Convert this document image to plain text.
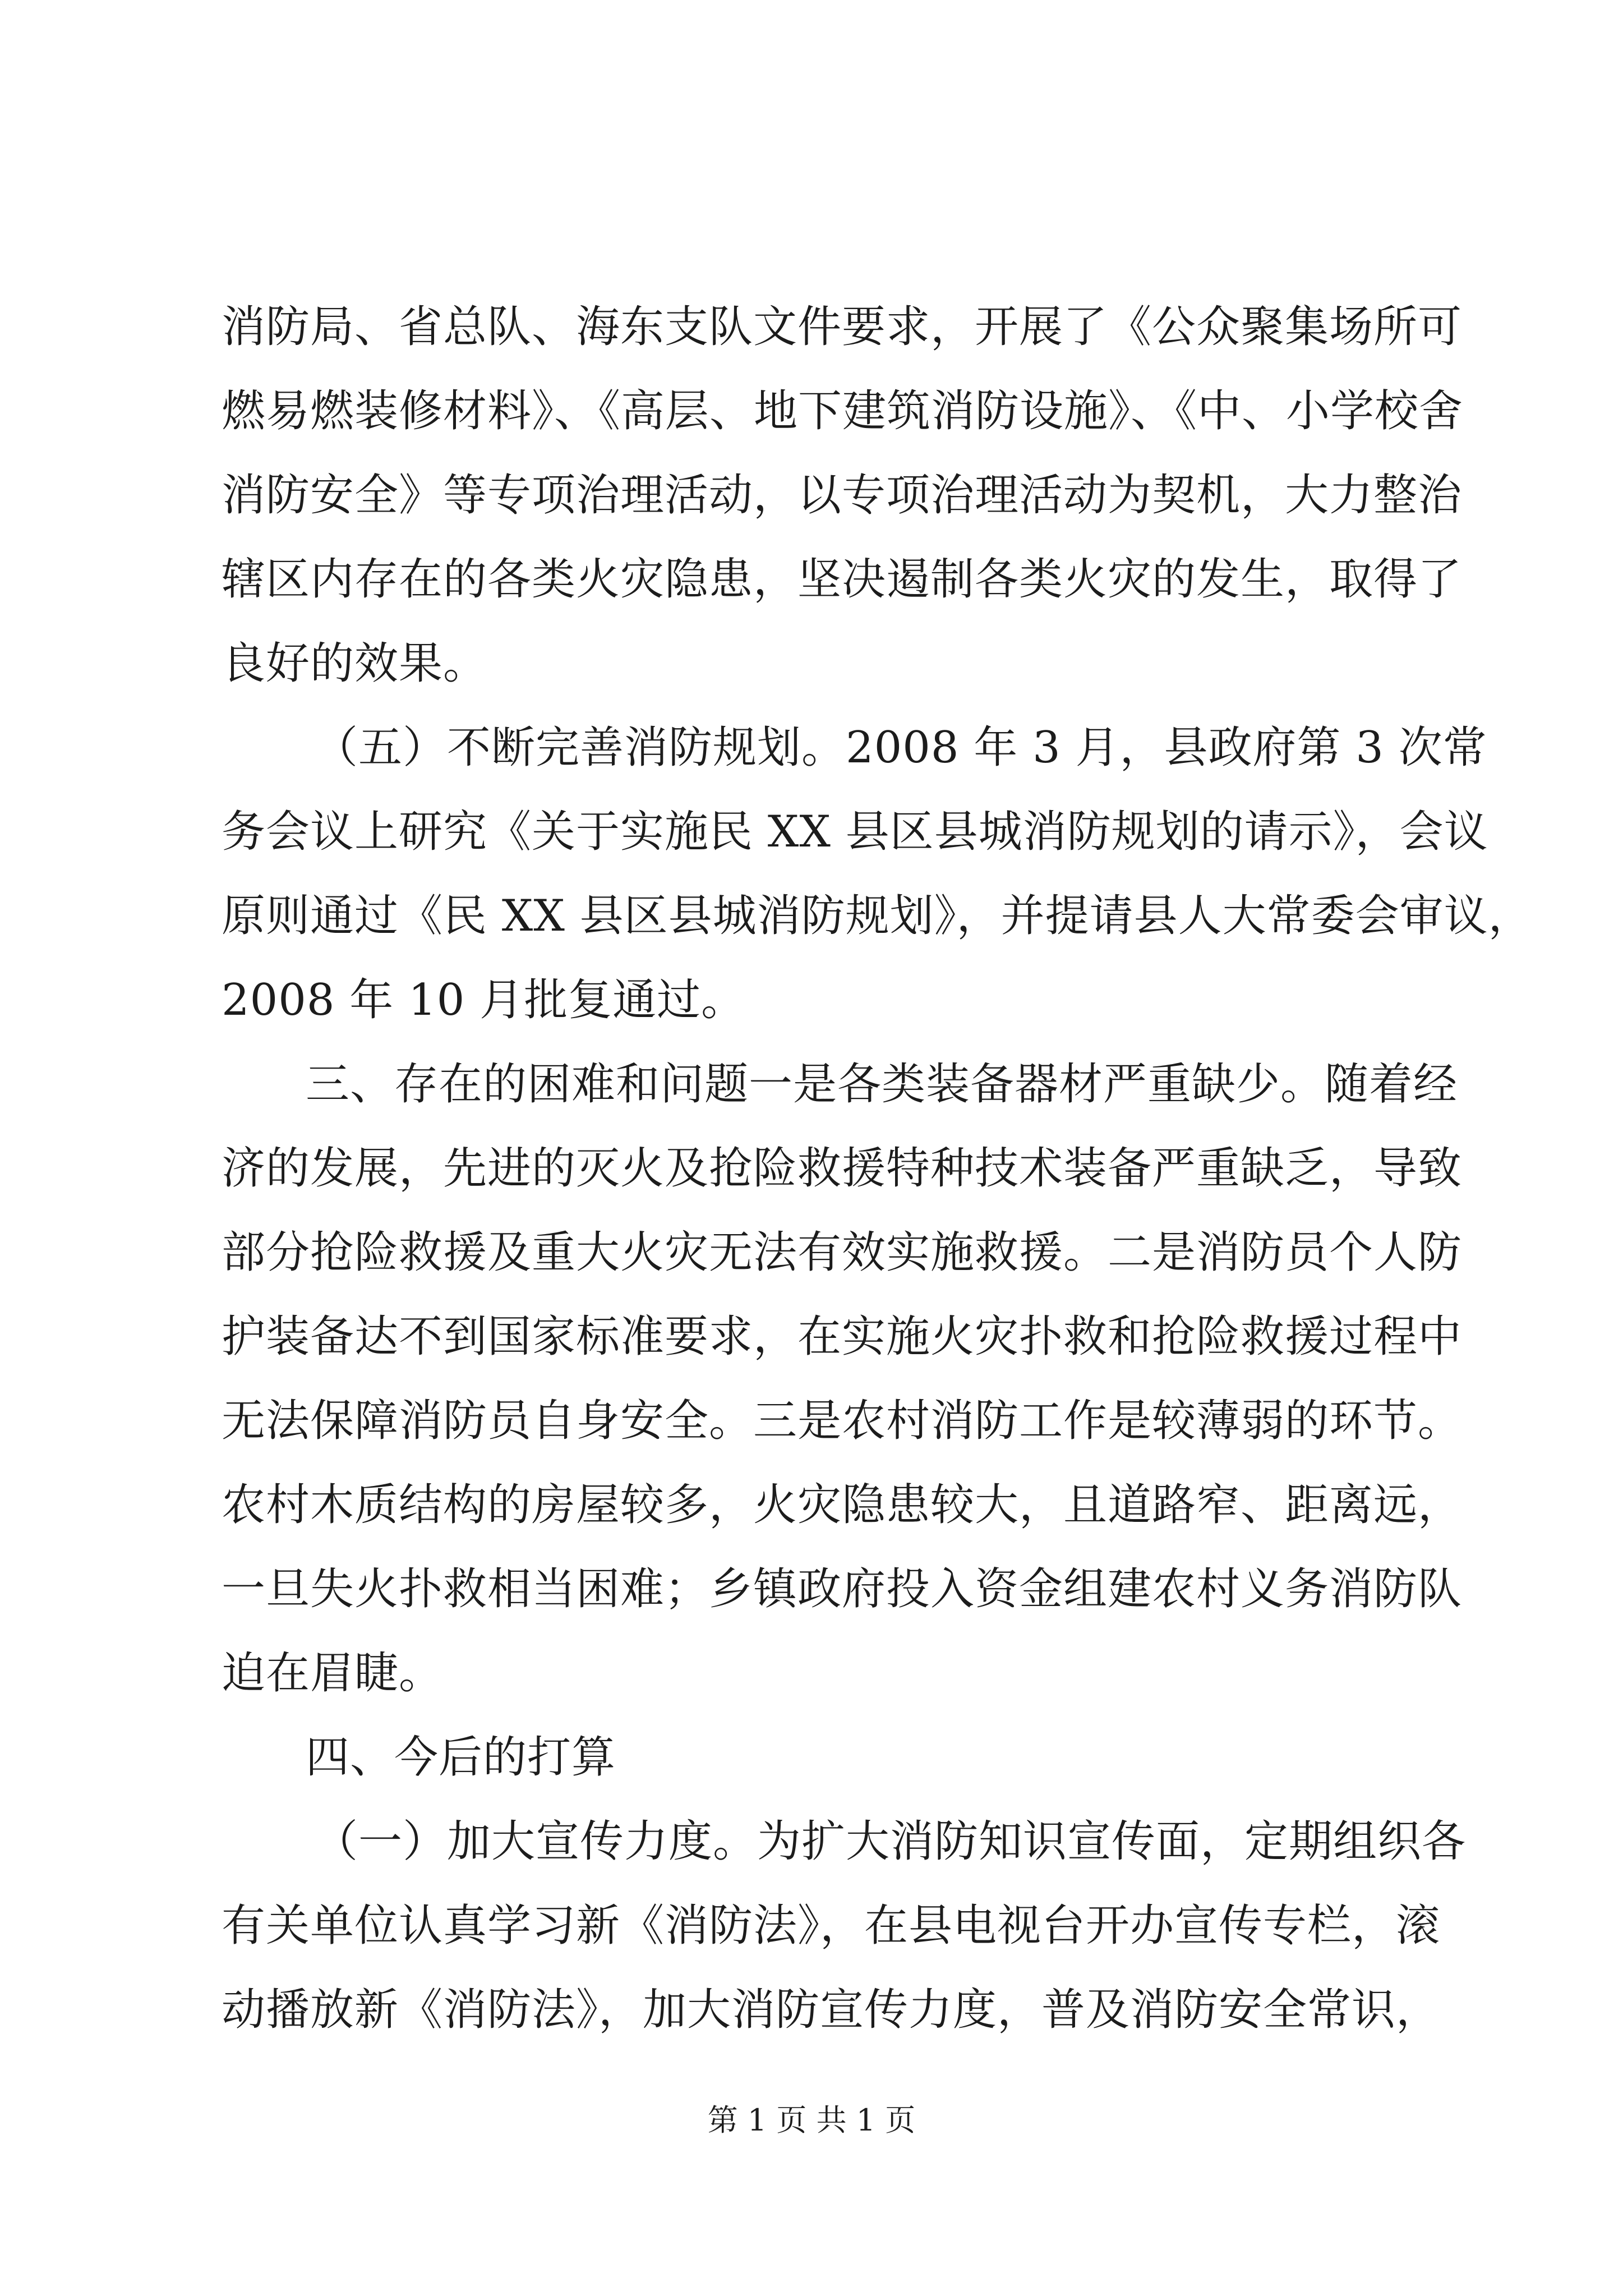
消防局、省总队、海东支队文件要求，开展了《公众聚集场所可
燃易燃装修材料》、《高层、地下建筑消防设施》、《中、小学校舍
消防安全》等专项治理活动，以专项治理活动为契机，大力整治
辖区内存在的各类火灾隐患，坚决遏制各类火灾的发生，取得了
良好的效果。
（五）不断完善消防规划。2008 年 3 月，县政府第 3 次常
务会议上研究《关于实施民 XX 县区县城消防规划的请示》，会议
原则通过《民 XX 县区县城消防规划》，并提请县人大常委会审议，
2008 年 10 月批复通过。
三、存在的困难和问题一是各类装备器材严重缺少。随着经
济的发展，先进的灭火及抢险救援特种技术装备严重缺乏，导致
部分抢险救援及重大火灾无法有效实施救援。二是消防员个人防
护装备达不到国家标准要求，在实施火灾扑救和抢险救援过程中
无法保障消防员自身安全。三是农村消防工作是较薄弱的环节。
农村木质结构的房屋较多，火灾隐患较大，且道路窄、距离远，
一旦失火扑救相当困难；乡镇政府投入资金组建农村义务消防队
迫在眉睫。
四、今后的打算
（一）加大宣传力度。为扩大消防知识宣传面，定期组织各
有关单位认真学习新《消防法》，在县电视台开办宣传专栏，滚
动播放新《消防法》，加大消防宣传力度，普及消防安全常识，
第 1 页 共 1 页
